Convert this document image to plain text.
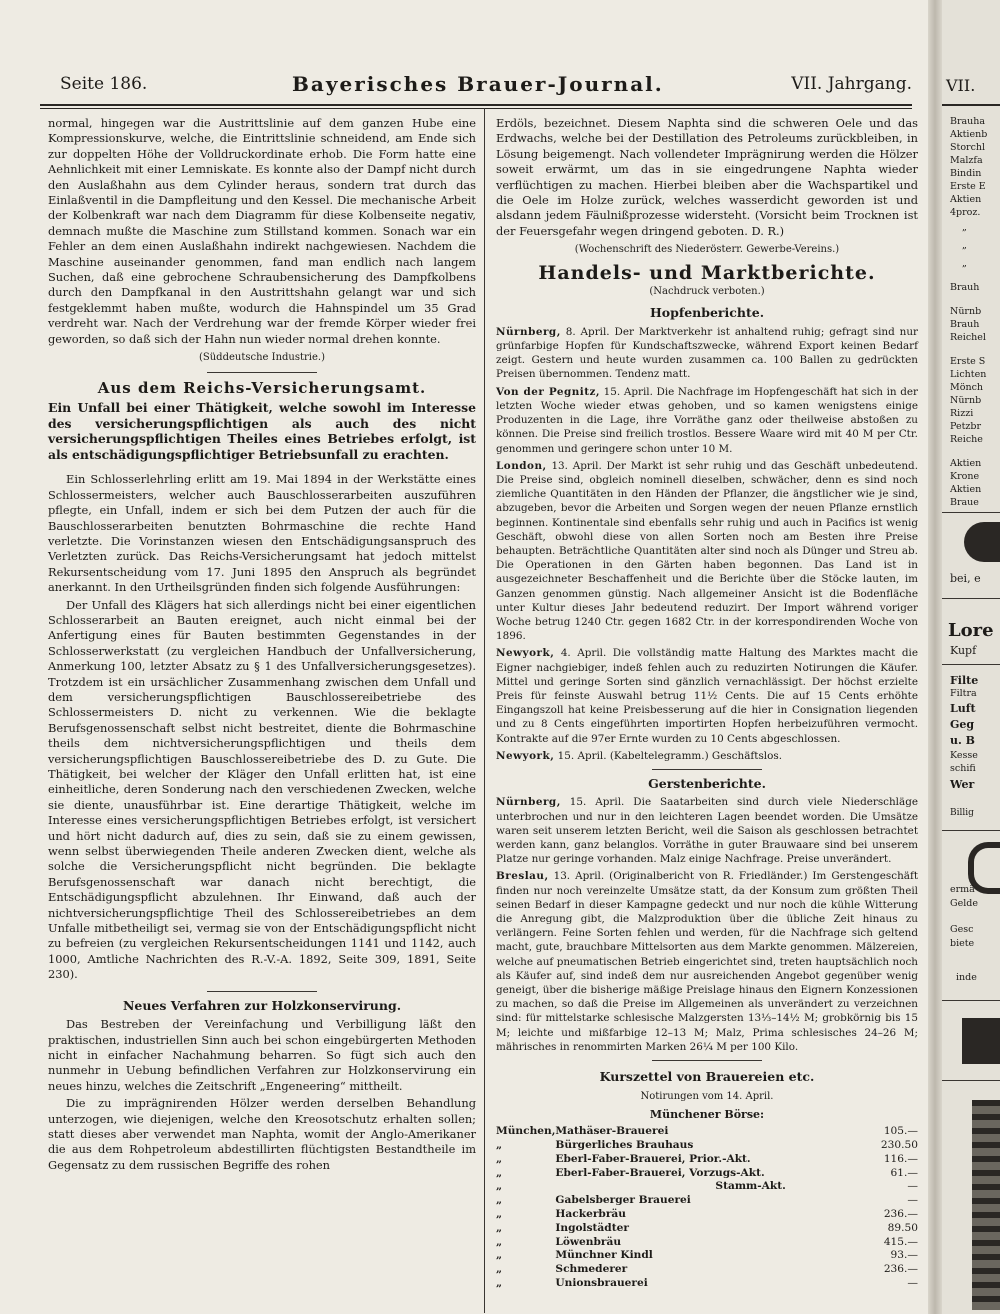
Seite 186.	Bayerisches Brauer-Journal.	VII. Jahrgang.

normal, hingegen war die Austrittslinie auf dem ganzen Hube eine Kompressionskurve, welche, die Eintrittslinie schneidend, am Ende sich zur doppelten Höhe der Volldruckordinate erhob. Die Form hatte eine Aehnlichkeit mit einer Lemniskate. Es konnte also der Dampf nicht durch den Auslaßhahn aus dem Cylinder heraus, sondern trat durch das Einlaßventil in die Dampfleitung und den Kessel. Die mechanische Arbeit der Kolbenkraft war nach dem Diagramm für diese Kolbenseite negativ, demnach mußte die Maschine zum Stillstand kommen. Sonach war ein Fehler an dem einen Auslaßhahn indirekt nachgewiesen. Nachdem die Maschine auseinander genommen, fand man endlich nach langem Suchen, daß eine gebrochene Schraubensicherung des Dampfkolbens durch den Dampfkanal in den Austrittshahn gelangt war und sich festgeklemmt haben mußte, wodurch die Hahnspindel um 35 Grad verdreht war. Nach der Verdrehung war der fremde Körper wieder frei geworden, so daß sich der Hahn nun wieder normal drehen konnte.

(Süddeutsche Industrie.)
Aus dem Reichs-Versicherungsamt.
Ein Unfall bei einer Thätigkeit, welche sowohl im Interesse des versicherungspflichtigen als auch des nicht versicherungspflichtigen Theiles eines Betriebes erfolgt, ist als entschädigungspflichtiger Betriebsunfall zu erachten.

Ein Schlosserlehrling erlitt am 19. Mai 1894 in der Werkstätte eines Schlossermeisters, welcher auch Bauschlosserarbeiten auszuführen pflegte, ein Unfall, indem er sich bei dem Putzen der auch für die Bauschlosserarbeiten benutzten Bohrmaschine die rechte Hand verletzte. Die Vorinstanzen wiesen den Entschädigungsanspruch des Verletzten zurück. Das Reichs-Versicherungsamt hat jedoch mittelst Rekursentscheidung vom 17. Juni 1895 den Anspruch als begründet anerkannt. In den Urtheilsgründen finden sich folgende Ausführungen:

Der Unfall des Klägers hat sich allerdings nicht bei einer eigentlichen Schlosserarbeit an Bauten ereignet, auch nicht einmal bei der Anfertigung eines für Bauten bestimmten Gegenstandes in der Schlosserwerkstatt (zu vergleichen Handbuch der Unfallversicherung, Anmerkung 100, letzter Absatz zu § 1 des Unfallversicherungsgesetzes). Trotzdem ist ein ursächlicher Zusammenhang zwischen dem Unfall und dem versicherungspflichtigen Bauschlossereibetriebe des Schlossermeisters D. nicht zu verkennen. Wie die beklagte Berufsgenossenschaft selbst nicht bestreitet, diente die Bohrmaschine theils dem nichtversicherungspflichtigen und theils dem versicherungspflichtigen Bauschlossereibetriebe des D. zu Gute. Die Thätigkeit, bei welcher der Kläger den Unfall erlitten hat, ist eine einheitliche, deren Sonderung nach den verschiedenen Zwecken, welche sie diente, unausführbar ist. Eine derartige Thätigkeit, welche im Interesse eines versicherungspflichtigen Betriebes erfolgt, ist versichert und hört nicht dadurch auf, dies zu sein, daß sie zu einem gewissen, wenn selbst überwiegenden Theile anderen Zwecken dient, welche als solche die Versicherungspflicht nicht begründen. Die beklagte Berufsgenossenschaft war danach nicht berechtigt, die Entschädigungspflicht abzulehnen. Ihr Einwand, daß auch der nichtversicherungspflichtige Theil des Schlossereibetriebes an dem Unfalle mitbetheiligt sei, vermag sie von der Entschädigungspflicht nicht zu befreien (zu vergleichen Rekursentscheidungen 1141 und 1142, auch 1000, Amtliche Nachrichten des R.-V.-A. 1892, Seite 309, 1891, Seite 230).

Neues Verfahren zur Holzkonservirung.

Das Bestreben der Vereinfachung und Verbilligung läßt den praktischen, industriellen Sinn auch bei schon eingebürgerten Methoden nicht in einfacher Nachahmung beharren. So fügt sich auch den nunmehr in Uebung befindlichen Verfahren zur Holzkonservirung ein neues hinzu, welches die Zeitschrift „Engeneering“ mittheilt.

Die zu imprägnirenden Hölzer werden derselben Behandlung unterzogen, wie diejenigen, welche den Kreosotschutz erhalten sollen; statt dieses aber verwendet man Naphta, womit der Anglo-Amerikaner die aus dem Rohpetroleum abdestillirten flüchtigsten Bestandtheile im Gegensatz zu dem russischen Begriffe des rohen

Erdöls, bezeichnet. Diesem Naphta sind die schweren Oele und das Erdwachs, welche bei der Destillation des Petroleums zurückbleiben, in Lösung beigemengt. Nach vollendeter Imprägnirung werden die Hölzer soweit erwärmt, um das in sie eingedrungene Naphta wieder verflüchtigen zu machen. Hierbei bleiben aber die Wachspartikel und die Oele im Holze zurück, welches wasserdicht geworden ist und alsdann jedem Fäulnißprozesse widersteht. (Vorsicht beim Trocknen ist der Feuersgefahr wegen dringend geboten. D. R.)

(Wochenschrift des Niederösterr. Gewerbe-Vereins.)
Handels- und Marktberichte.
(Nachdruck verboten.)
Hopfenberichte.

Nürnberg, 8. April. Der Marktverkehr ist anhaltend ruhig; gefragt sind nur grünfarbige Hopfen für Kundschaftszwecke, während Export keinen Bedarf zeigt. Gestern und heute wurden zusammen ca. 100 Ballen zu gedrückten Preisen übernommen. Tendenz matt.

Von der Pegnitz, 15. April. Die Nachfrage im Hopfengeschäft hat sich in der letzten Woche wieder etwas gehoben, und so kamen wenigstens einige Produzenten in die Lage, ihre Vorräthe ganz oder theilweise abstoßen zu können. Die Preise sind freilich trostlos. Bessere Waare wird mit 40 M per Ctr. genommen und geringere schon unter 10 M.

London, 13. April. Der Markt ist sehr ruhig und das Geschäft unbedeutend. Die Preise sind, obgleich nominell dieselben, schwächer, denn es sind noch ziemliche Quantitäten in den Händen der Pflanzer, die ängstlicher wie je sind, abzugeben, bevor die Arbeiten und Sorgen wegen der neuen Pflanze ernstlich beginnen. Kontinentale sind ebenfalls sehr ruhig und auch in Pacifics ist wenig Geschäft, obwohl diese von allen Sorten noch am Besten ihre Preise behaupten. Beträchtliche Quantitäten alter sind noch als Dünger und Streu ab. Die Operationen in den Gärten haben begonnen. Das Land ist in ausgezeichneter Beschaffenheit und die Berichte über die Stöcke lauten, im Ganzen genommen günstig. Nach allgemeiner Ansicht ist die Bodenfläche unter Kultur dieses Jahr bedeutend reduzirt. Der Import während voriger Woche betrug 1240 Ctr. gegen 1682 Ctr. in der korrespondirenden Woche von 1896.

Newyork, 4. April. Die vollständig matte Haltung des Marktes macht die Eigner nachgiebiger, indeß fehlen auch zu reduzirten Notirungen die Käufer. Mittel und geringe Sorten sind gänzlich vernachlässigt. Der höchst erzielte Preis für feinste Auswahl betrug 11½ Cents. Die auf 15 Cents erhöhte Eingangszoll hat keine Preisbesserung auf die hier in Consignation liegenden und zu 8 Cents eingeführten importirten Hopfen herbeizuführen vermocht. Kontrakte auf die 97er Ernte wurden zu 10 Cents abgeschlossen.

Newyork, 15. April. (Kabeltelegramm.) Geschäftslos.

Gerstenberichte.

Nürnberg, 15. April. Die Saatarbeiten sind durch viele Niederschläge unterbrochen und nur in den leichteren Lagen beendet worden. Die Umsätze waren seit unserem letzten Bericht, weil die Saison als geschlossen betrachtet werden kann, ganz belanglos. Vorräthe in guter Brauwaare sind bei unserem Platze nur geringe vorhanden. Malz einige Nachfrage. Preise unverändert.

Breslau, 13. April. (Originalbericht von R. Friedländer.) Im Gerstengeschäft finden nur noch vereinzelte Umsätze statt, da der Konsum zum größten Theil seinen Bedarf in dieser Kampagne gedeckt und nur noch die kühle Witterung die Anregung gibt, die Malzproduktion über die übliche Zeit hinaus zu verlängern. Feine Sorten fehlen und werden, für die Nachfrage sich geltend macht, gute, brauchbare Mittelsorten aus dem Markte genommen. Mälzereien, welche auf pneumatischen Betrieb eingerichtet sind, treten hauptsächlich noch als Käufer auf, sind indeß dem nur ausreichenden Angebot gegenüber wenig geneigt, über die bisherige mäßige Preislage hinaus den Eignern Konzessionen zu machen, so daß die Preise im Allgemeinen als unverändert zu verzeichnen sind: für mittelstarke schlesische Malzgersten 13⅓–14½ M; grobkörnig bis 15 M; leichte und mißfarbige 12–13 M; Malz, Prima schlesisches 24–26 M; mährisches in renommirten Marken 26¼ M per 100 Kilo.

Kurszettel von Brauereien etc.
Notirungen vom 14. April.
Münchener Börse:
München,	Mathäser-Brauerei	105.—
„	Bürgerliches Brauhaus	230.50
„	Eberl-Faber-Brauerei, Prior.-Akt.	116.—
„	Eberl-Faber-Brauerei, Vorzugs-Akt.	61.—
„	Stamm-Akt.	—
„	Gabelsberger Brauerei	—
„	Hackerbräu	236.—
„	Ingolstädter	89.50
„	Löwenbräu	415.—
„	Münchner Kindl	93.—
„	Schmederer	236.—
„	Unionsbrauerei	—
VII.
Brauha
Aktienb
Storchl
Malzfa
Bindin
Erste E
Aktien
4proz.
„
„
„
Brauh
Nürnb
Brauh
Reichel
Erste S
Lichten
Mönch
Nürnb
Rizzi
Petzbr
Reiche
Aktien
Krone
Aktien
Braue
bei, e
Lore
Kupf
Filte
Filtra
Luft
Geg
u. B
Kesse
schifi
Wer
Billig
ermä
Gelde
Gesc
biete
inde
